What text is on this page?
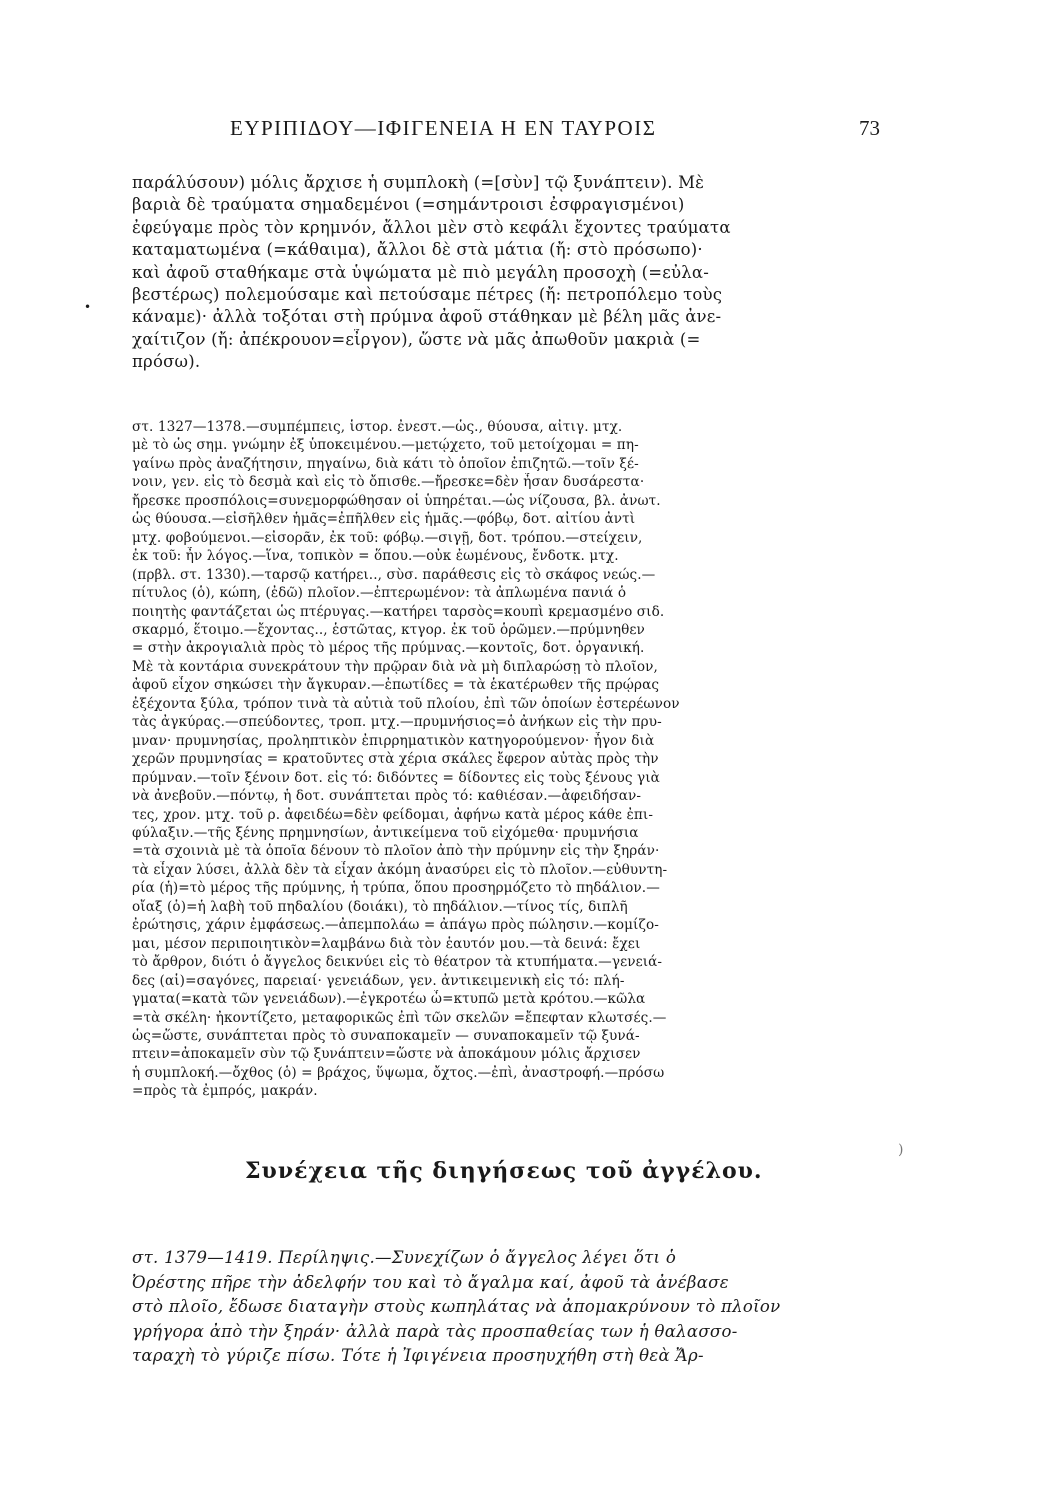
ΕΥΡΙΠΙΔΟΥ—ΙΦΙΓΕΝΕΙΑ Η ΕΝ ΤΑΥΡΟΙΣ	73
•

παράλύσουν) μόλις ἄρχισε ἡ συμπλοκὴ (=[σὺν] τῷ ξυνάπτειν). Μὲ

βαριὰ δὲ τραύματα σημαδεμένοι (=σημάντροισι ἐσφραγισμένοι)

ἐφεύγαμε πρὸς τὸν κρημνόν, ἄλλοι μὲν στὸ κεφάλι ἔχοντες τραύματα

καταματωμένα (=κάθαιμα), ἄλλοι δὲ στὰ μάτια (ἤ: στὸ πρόσωπο)·

καὶ ἀφοῦ σταθήκαμε στὰ ὑψώματα μὲ πιὸ μεγάλη προσοχὴ (=εὐλα-

βεστέρως) πολεμούσαμε καὶ πετούσαμε πέτρες (ἤ: πετροπόλεμο τοὺς

κάναμε)· ἀλλὰ τοξόται στὴ πρύμνα ἀφοῦ στάθηκαν μὲ βέλη μᾶς ἀνε-

χαίτιζον (ἤ: ἀπέκρουον=εἶργον), ὥστε νὰ μᾶς ἀπωθοῦν μακριὰ (=

πρόσω).

στ. 1327—1378.—συμπέμπεις, ἱστορ. ἐνεστ.—ὡς., θύουσα, αἰτιγ. μτχ.

μὲ τὸ ὡς σημ. γνώμην ἐξ ὑποκειμένου.—μετῴχετο, τοῦ μετοίχομαι = πη-

γαίνω πρὸς ἀναζήτησιν, πηγαίνω, διὰ κάτι τὸ ὁποῖον ἐπιζητῶ.—τοῖν ξέ-

νοιν, γεν. εἰς τὸ δεσμὰ καὶ εἰς τὸ ὄπισθε.—ἤρεσκε=δὲν ἦσαν δυσάρεστα·

ἤρεσκε προσπόλοις=συνεμορφώθησαν οἱ ὑπηρέται.—ὡς νίζουσα, βλ. ἀνωτ.

ὡς θύουσα.—εἰσῆλθεν ἡμᾶς=ἐπῆλθεν εἰς ἡμᾶς.—φόβῳ, δοτ. αἰτίου ἀντὶ

μτχ. φοβούμενοι.—εἰσορᾶν, ἐκ τοῦ: φόβῳ.—σιγῇ, δοτ. τρόπου.—στείχειν,

ἐκ τοῦ: ἦν λόγος.—ἵνα, τοπικὸν = ὅπου.—οὐκ ἐωμένους, ἔνδοτκ. μτχ.

(πρβλ. στ. 1330).—ταρσῷ κατήρει.., σὺσ. παράθεσις εἰς τὸ σκάφος νεώς.—

πίτυλος (ὁ), κώπη, (ἐδῶ) πλοῖον.—ἐπτερωμένον: τὰ ἀπλωμένα πανιά ὁ

ποιητὴς φαντάζεται ὡς πτέρυγας.—κατήρει ταρσὸς=κουπὶ κρεμασμένο σιδ.

σκαρμό, ἕτοιμο.—ἔχοντας.., ἑστῶτας, κτγορ. ἐκ τοῦ ὁρῶμεν.—πρύμνηθεν

= στὴν ἀκρογιαλιὰ πρὸς τὸ μέρος τῆς πρύμνας.—κοντοῖς, δοτ. ὀργανική.

Μὲ τὰ κοντάρια συνεκράτουν τὴν πρῷραν διὰ νὰ μὴ διπλαρώσῃ τὸ πλοῖον,

ἀφοῦ εἶχον σηκώσει τὴν ἄγκυραν.—ἐπωτίδες = τὰ ἑκατέρωθεν τῆς πρῴρας

ἐξέχοντα ξύλα, τρόπον τινὰ τὰ αὐτιὰ τοῦ πλοίου, ἐπὶ τῶν ὁποίων ἐστερέωνον

τὰς ἀγκύρας.—σπεύδοντες, τροπ. μτχ.—πρυμνήσιος=ὁ ἀνήκων εἰς τὴν πρυ-

μναν· πρυμνησίας, προληπτικὸν ἐπιρρηματικὸν κατηγορούμενον· ἦγον διὰ

χερῶν πρυμνησίας = κρατοῦντες στὰ χέρια σκάλες ἔφερον αὐτὰς πρὸς τὴν

πρύμναν.—τοῖν ξένοιν δοτ. εἰς τό: διδόντες = δίδοντες εἰς τοὺς ξένους γιὰ

νὰ ἀνεβοῦν.—πόντῳ, ἡ δοτ. συνάπτεται πρὸς τό: καθιέσαν.—ἀφειδήσαν-

τες, χρον. μτχ. τοῦ ρ. ἀφειδέω=δὲν φείδομαι, ἀφήνω κατὰ μέρος κάθε ἐπι-

φύλαξιν.—τῆς ξένης πρημνησίων, ἀντικείμενα τοῦ εἰχόμεθα· πρυμνήσια

=τὰ σχοινιὰ μὲ τὰ ὁποῖα δένουν τὸ πλοῖον ἀπὸ τὴν πρύμνην εἰς τὴν ξηράν·

τὰ εἶχαν λύσει, ἀλλὰ δὲν τὰ εἶχαν ἀκόμη ἀνασύρει εἰς τὸ πλοῖον.—εὐθυντη-

ρία (ἡ)=τὸ μέρος τῆς πρύμνης, ἡ τρύπα, ὅπου προσηρμόζετο τὸ πηδάλιον.—

οἴαξ (ὁ)=ἡ λαβὴ τοῦ πηδαλίου (δοιάκι), τὸ πηδάλιον.—τίνος τίς, διπλῆ

ἐρώτησις, χάριν ἐμφάσεως.—ἀπεμπολάω = ἀπάγω πρὸς πώλησιν.—κομίζο-

μαι, μέσον περιποιητικὸν=λαμβάνω διὰ τὸν ἑαυτόν μου.—τὰ δεινά: ἔχει

τὸ ἄρθρον, διότι ὁ ἄγγελος δεικνύει εἰς τὸ θέατρον τὰ κτυπήματα.—γενειά-

δες (αἱ)=σαγόνες, παρειαί· γενειάδων, γεν. ἀντικειμενικὴ εἰς τό: πλή-

γματα(=κατὰ τῶν γενειάδων).—ἐγκροτέω ὦ=κτυπῶ μετὰ κρότου.—κῶλα

=τὰ σκέλη· ἠκοντίζετο, μεταφορικῶς ἐπὶ τῶν σκελῶν =ἔπεφταν κλωτσές.—

ὡς=ὥστε, συνάπτεται πρὸς τὸ συναποκαμεῖν — συναποκαμεῖν τῷ ξυνά-

πτειν=ἀποκαμεῖν σὺν τῷ ξυνάπτειν=ὥστε νὰ ἀποκάμουν μόλις ἄρχισεν

ἡ συμπλοκή.—ὄχθος (ὁ) = βράχος, ὕψωμα, ὄχτος.—ἐπὶ, ἀναστροφή.—πρόσω

=πρὸς τὰ ἐμπρός, μακράν.

)
Συνέχεια τῆς διηγήσεως τοῦ ἀγγέλου.

στ. 1379—1419. Περίληψις.—Συνεχίζων ὁ ἄγγελος λέγει ὅτι ὁ

Ὀρέστης πῆρε τὴν ἀδελφήν του καὶ τὸ ἄγαλμα καί, ἀφοῦ τὰ ἀνέβασε

στὸ πλοῖο, ἔδωσε διαταγὴν στοὺς κωπηλάτας νὰ ἀπομακρύνουν τὸ πλοῖον

γρήγορα ἀπὸ τὴν ξηράν· ἀλλὰ παρὰ τὰς προσπαθείας των ἡ θαλασσο-

ταραχὴ τὸ γύριζε πίσω. Τότε ἡ Ἰφιγένεια προσηυχήθη στὴ θεὰ Ἄρ-
